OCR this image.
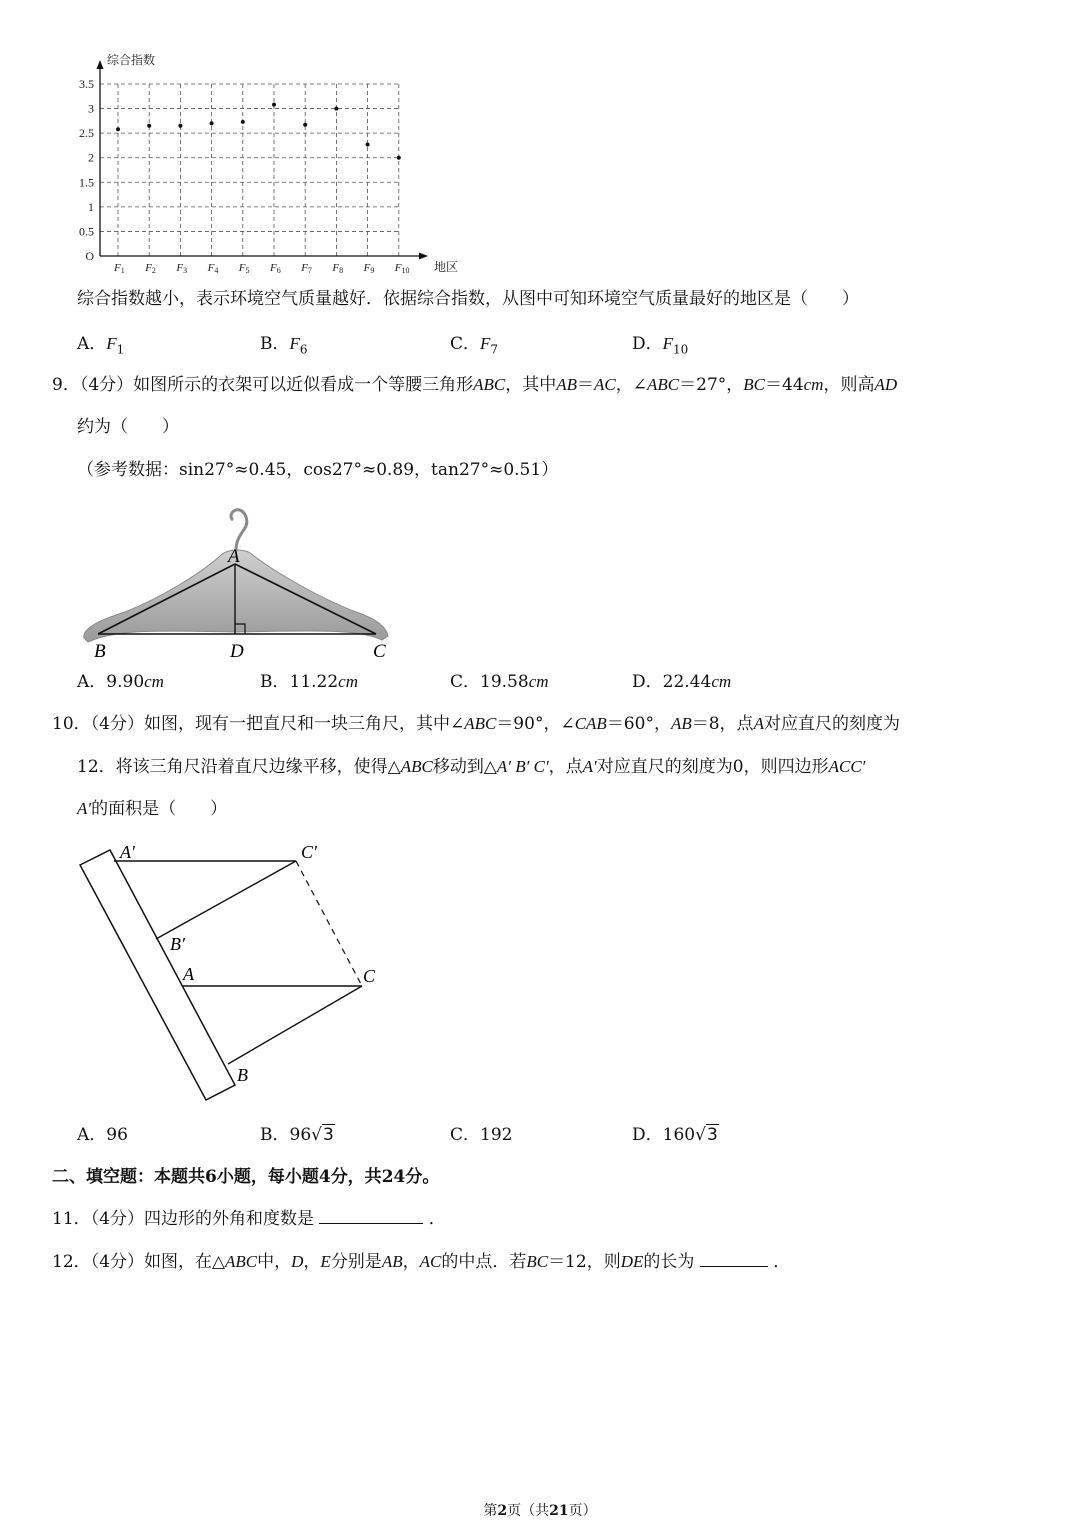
综合指数
地区
O
0.5
1
1.5
2
2.5
3
3.5
F1 F2 F3 F4 F5 F6 F7 F8 F9 F10
综合指数越小，表示环境空气质量越好．依据综合指数，从图中可知环境空气质量最好的地区是（　　）
A．$F_1$	B．$F_6$	C．$F_7$	D．$F_{10}$
9．（4分）如图所示的衣架可以近似看成一个等腰三角形ABC，其中AB＝AC，∠ABC＝27°，BC＝44cm，则高AD
约为（　　）
（参考数据：sin27°≈0.45，cos27°≈0.89，tan27°≈0.51）
A
B	D	C
A．9.90cm	B．11.22cm	C．19.58cm	D．22.44cm
10．（4分）如图，现有一把直尺和一块三角尺，其中∠ABC＝90°，∠CAB＝60°，AB＝8，点A对应直尺的刻度为
12．将该三角尺沿着直尺边缘平移，使得△ABC移动到△A′ B′ C′，点A′对应直尺的刻度为0，则四边形ACC′
A′的面积是（　　）
A′	C′
B′
A	C
B
A．96	B．96√3	C．192	D．160√3
二、填空题：本题共6小题，每小题4分，共24分。
11．（4分）四边形的外角和度数是	．
12．（4分）如图，在△ABC中，D，E分别是AB，AC的中点．若BC＝12，则DE的长为	．
第2页（共21页）
